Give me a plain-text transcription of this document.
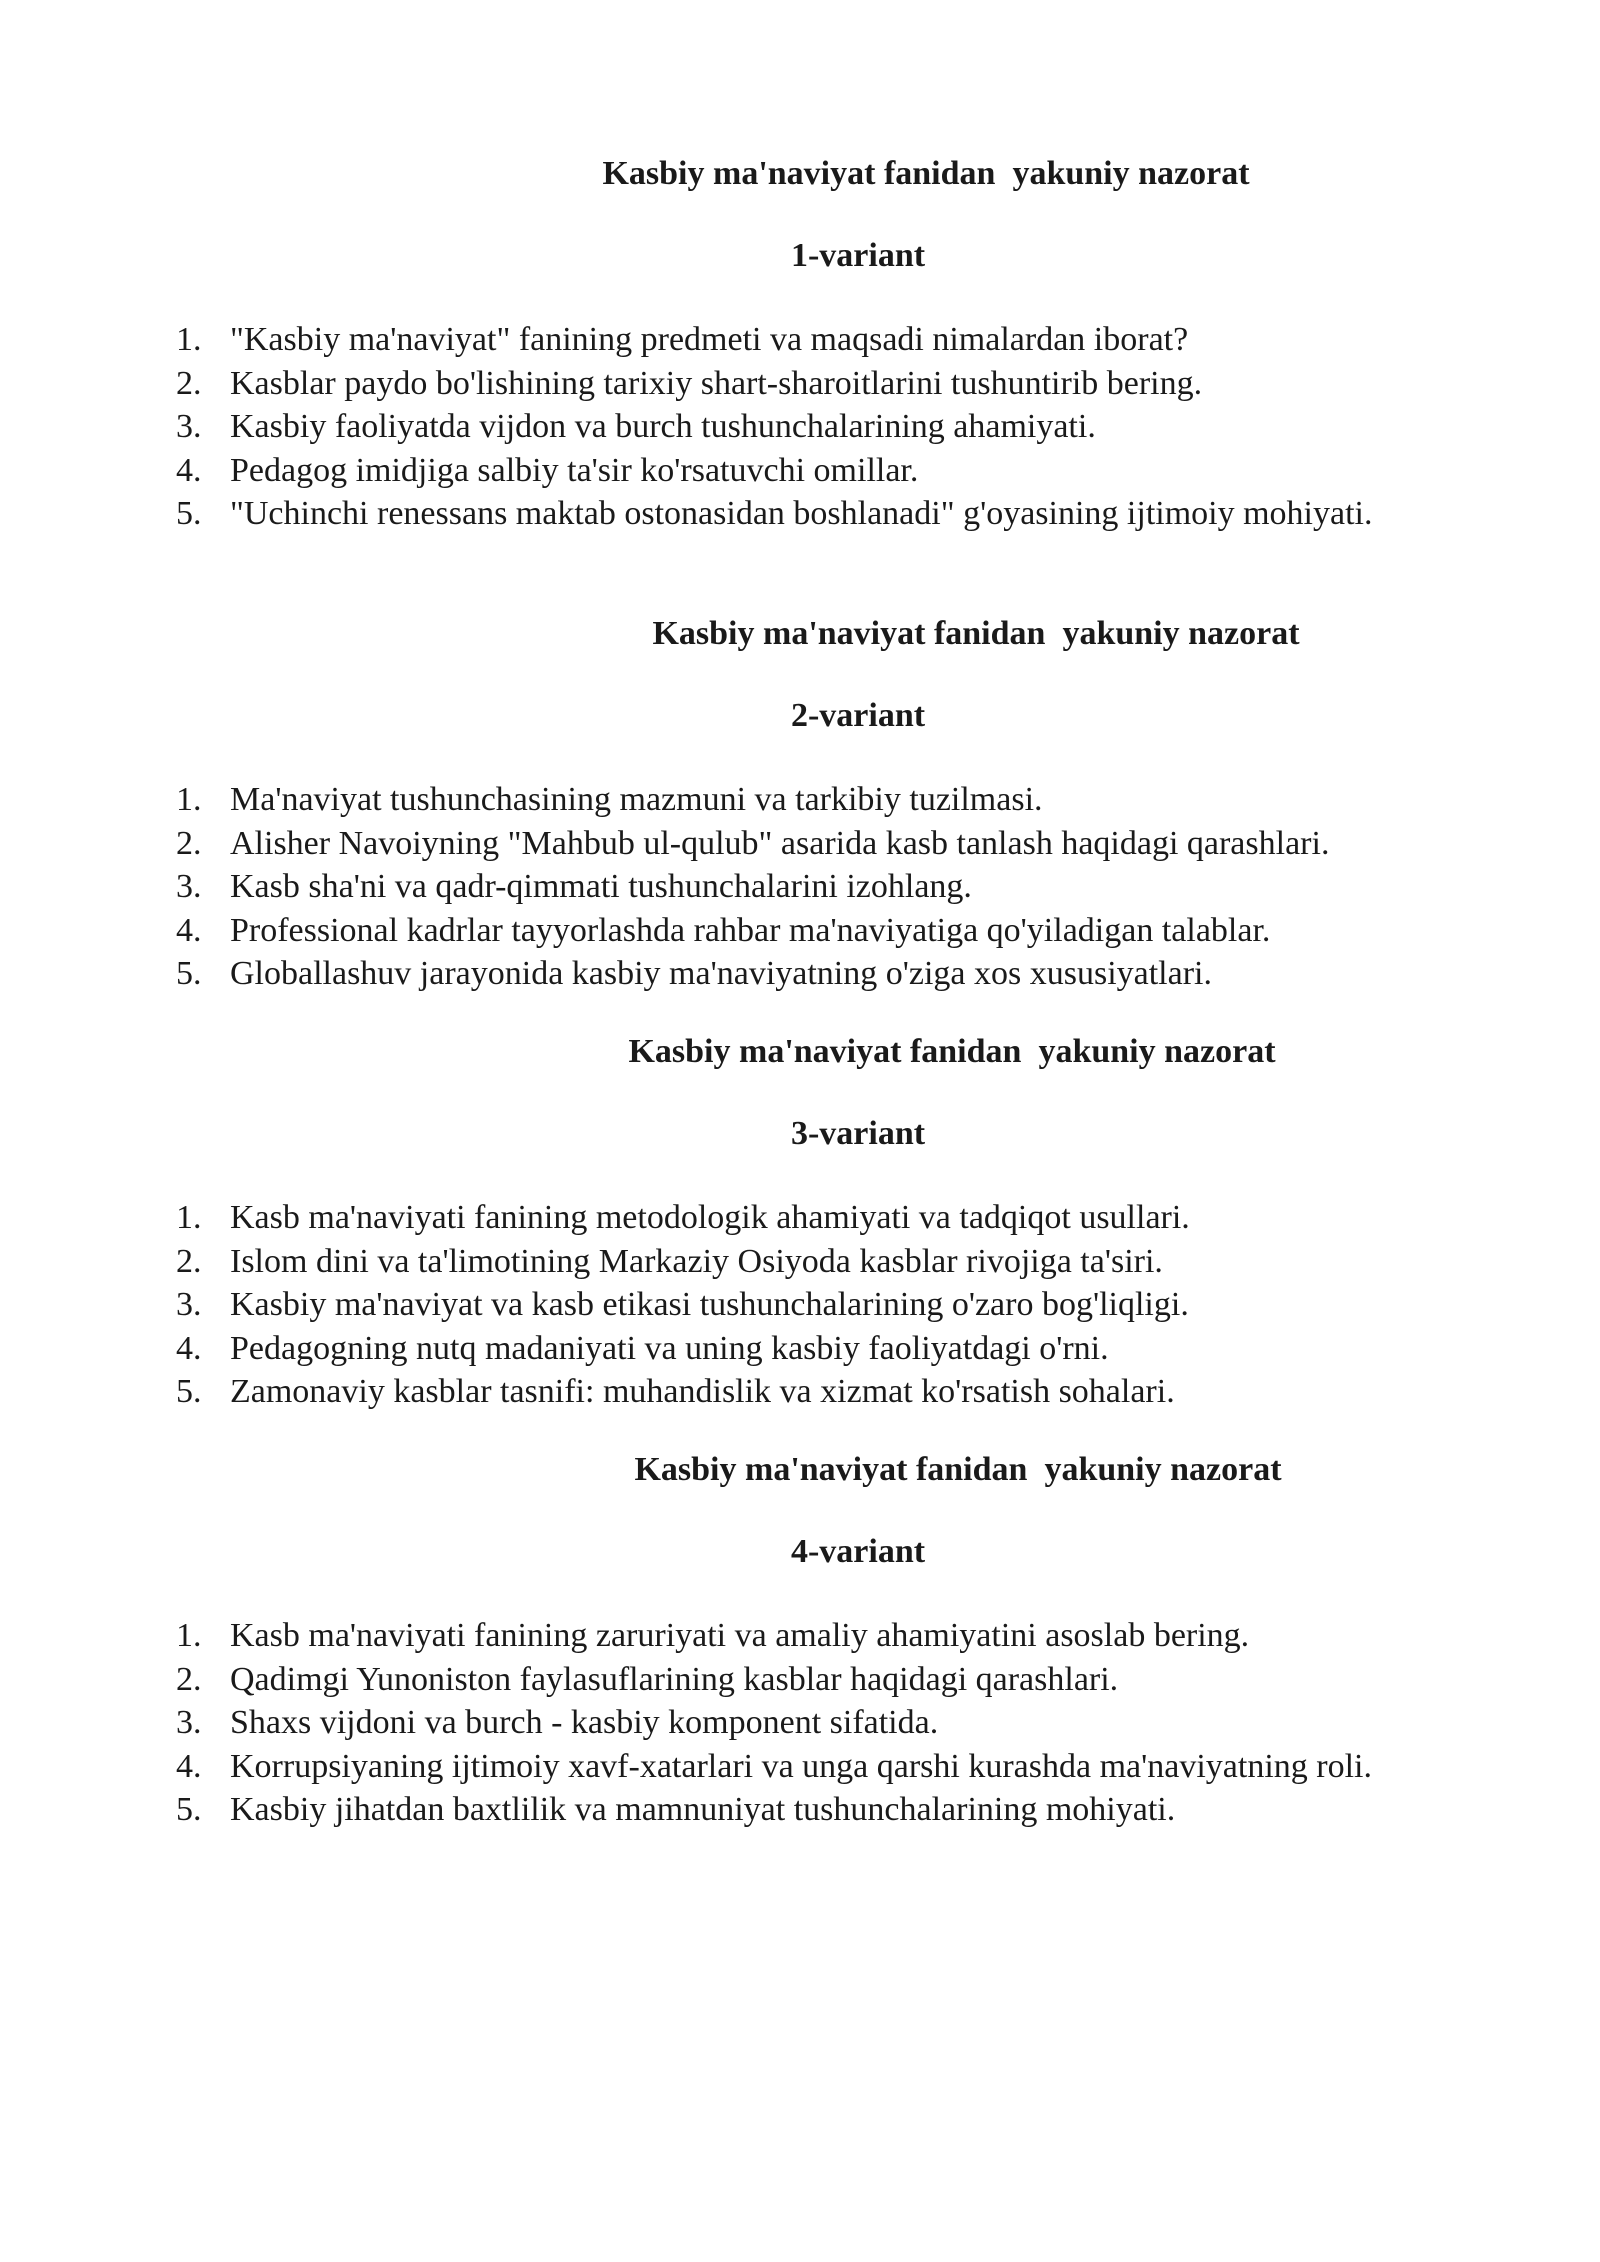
Kasbiy ma'naviyat fanidan  yakuniy nazorat
1-variant
1. "Kasbiy ma'naviyat" fanining predmeti va maqsadi nimalardan iborat?
2. Kasblar paydo bo'lishining tarixiy shart-sharoitlarini tushuntirib bering.
3. Kasbiy faoliyatda vijdon va burch tushunchalarining ahamiyati.
4. Pedagog imidjiga salbiy ta'sir ko'rsatuvchi omillar.
5. "Uchinchi renessans maktab ostonasidan boshlanadi" g'oyasining ijtimoiy mohiyati.
Kasbiy ma'naviyat fanidan  yakuniy nazorat
2-variant
1. Ma'naviyat tushunchasining mazmuni va tarkibiy tuzilmasi.
2. Alisher Navoiyning "Mahbub ul-qulub" asarida kasb tanlash haqidagi qarashlari.
3. Kasb sha'ni va qadr-qimmati tushunchalarini izohlang.
4. Professional kadrlar tayyorlashda rahbar ma'naviyatiga qo'yiladigan talablar.
5. Globallashuv jarayonida kasbiy ma'naviyatning o'ziga xos xususiyatlari.
Kasbiy ma'naviyat fanidan  yakuniy nazorat
3-variant
1. Kasb ma'naviyati fanining metodologik ahamiyati va tadqiqot usullari.
2. Islom dini va ta'limotining Markaziy Osiyoda kasblar rivojiga ta'siri.
3. Kasbiy ma'naviyat va kasb etikasi tushunchalarining o'zaro bog'liqligi.
4. Pedagogning nutq madaniyati va uning kasbiy faoliyatdagi o'rni.
5. Zamonaviy kasblar tasnifi: muhandislik va xizmat ko'rsatish sohalari.
Kasbiy ma'naviyat fanidan  yakuniy nazorat
4-variant
1. Kasb ma'naviyati fanining zaruriyati va amaliy ahamiyatini asoslab bering.
2. Qadimgi Yunoniston faylasuflarining kasblar haqidagi qarashlari.
3. Shaxs vijdoni va burch - kasbiy komponent sifatida.
4. Korrupsiyaning ijtimoiy xavf-xatarlari va unga qarshi kurashda ma'naviyatning roli.
5. Kasbiy jihatdan baxtlilik va mamnuniyat tushunchalarining mohiyati.
